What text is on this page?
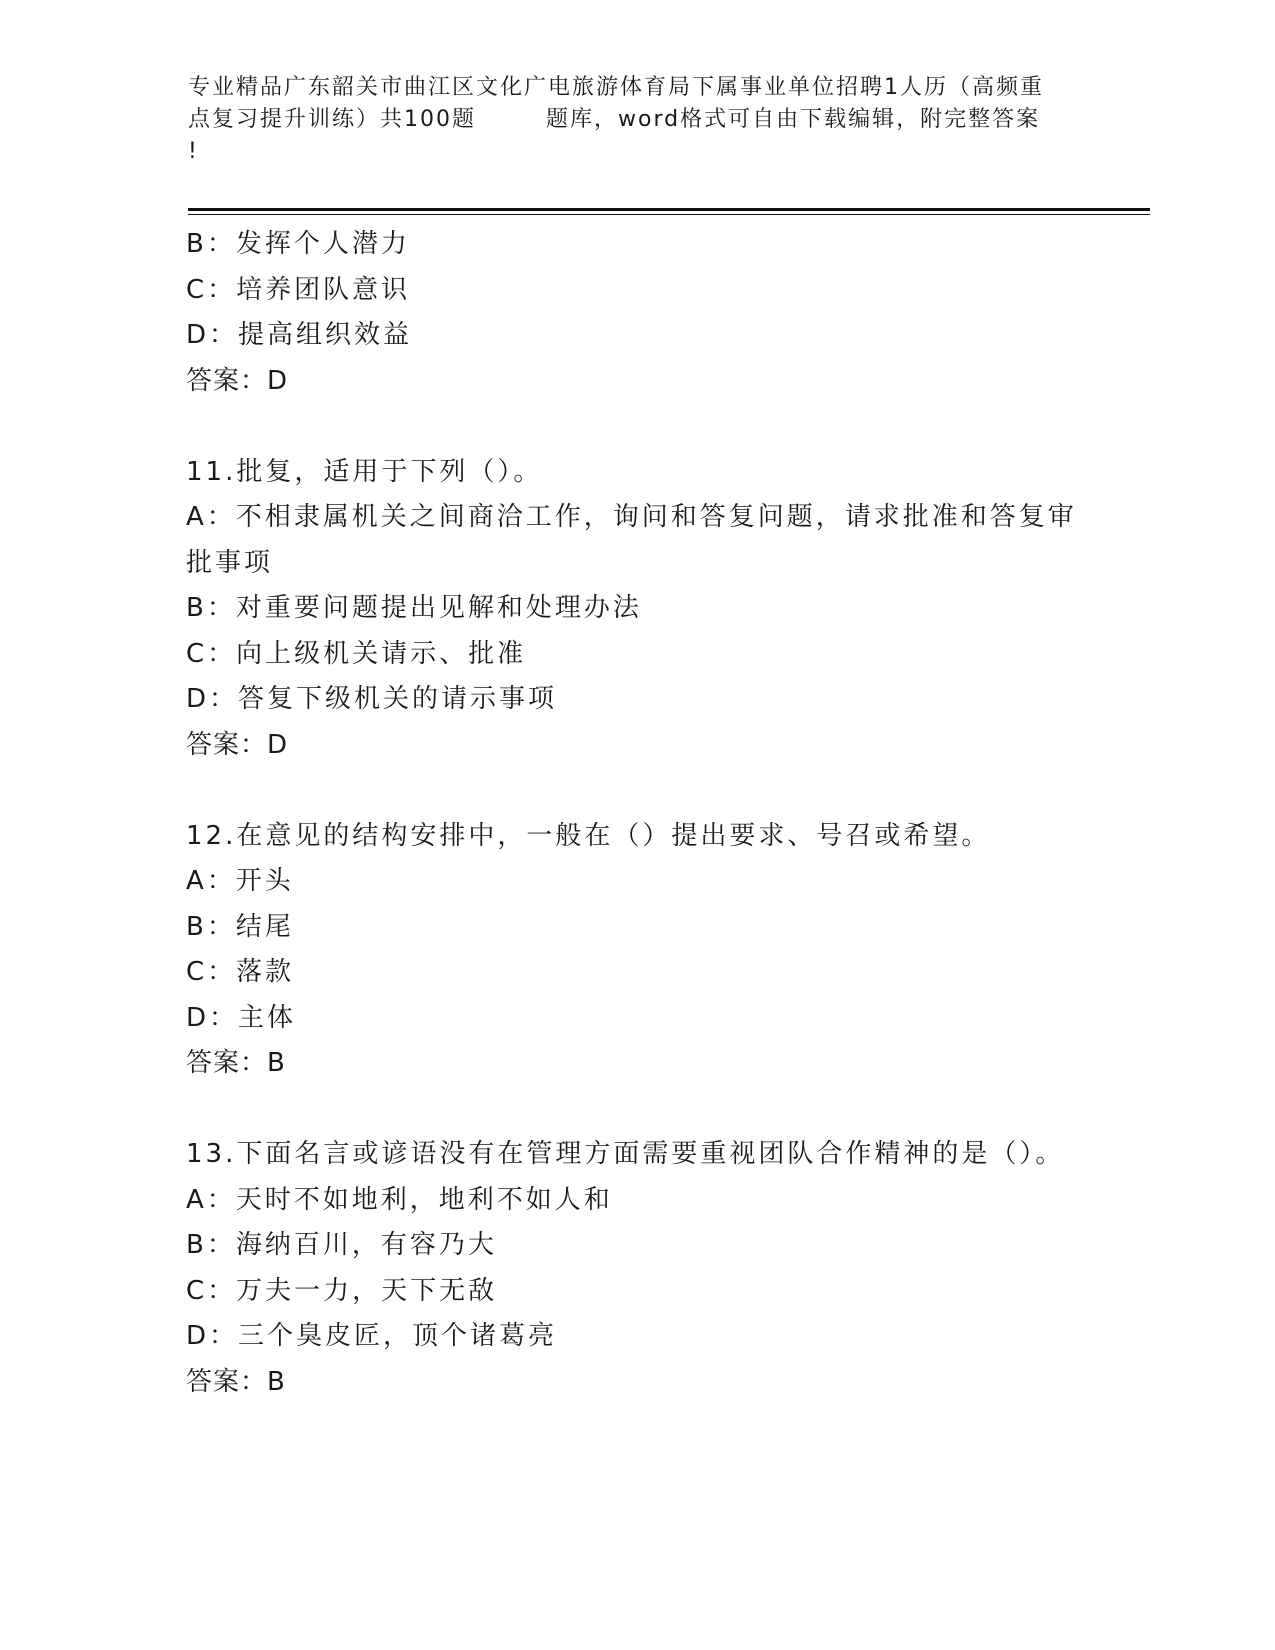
专业精品广东韶关市曲江区文化广电旅游体育局下属事业单位招聘1人历（高频重
点复习提升训练）共100题	题库，word格式可自由下载编辑，附完整答案
!
B：发挥个人潜力
C：培养团队意识
D：提高组织效益
答案：D
11.批复，适用于下列（）。
A：不相隶属机关之间商洽工作，询问和答复问题，请求批准和答复审
批事项
B：对重要问题提出见解和处理办法
C：向上级机关请示、批准
D：答复下级机关的请示事项
答案：D
12.在意见的结构安排中，一般在（）提出要求、号召或希望。
A：开头
B：结尾
C：落款
D：主体
答案：B
13.下面名言或谚语没有在管理方面需要重视团队合作精神的是（）。
A：天时不如地利，地利不如人和
B：海纳百川，有容乃大
C：万夫一力，天下无敌
D：三个臭皮匠，顶个诸葛亮
答案：B
